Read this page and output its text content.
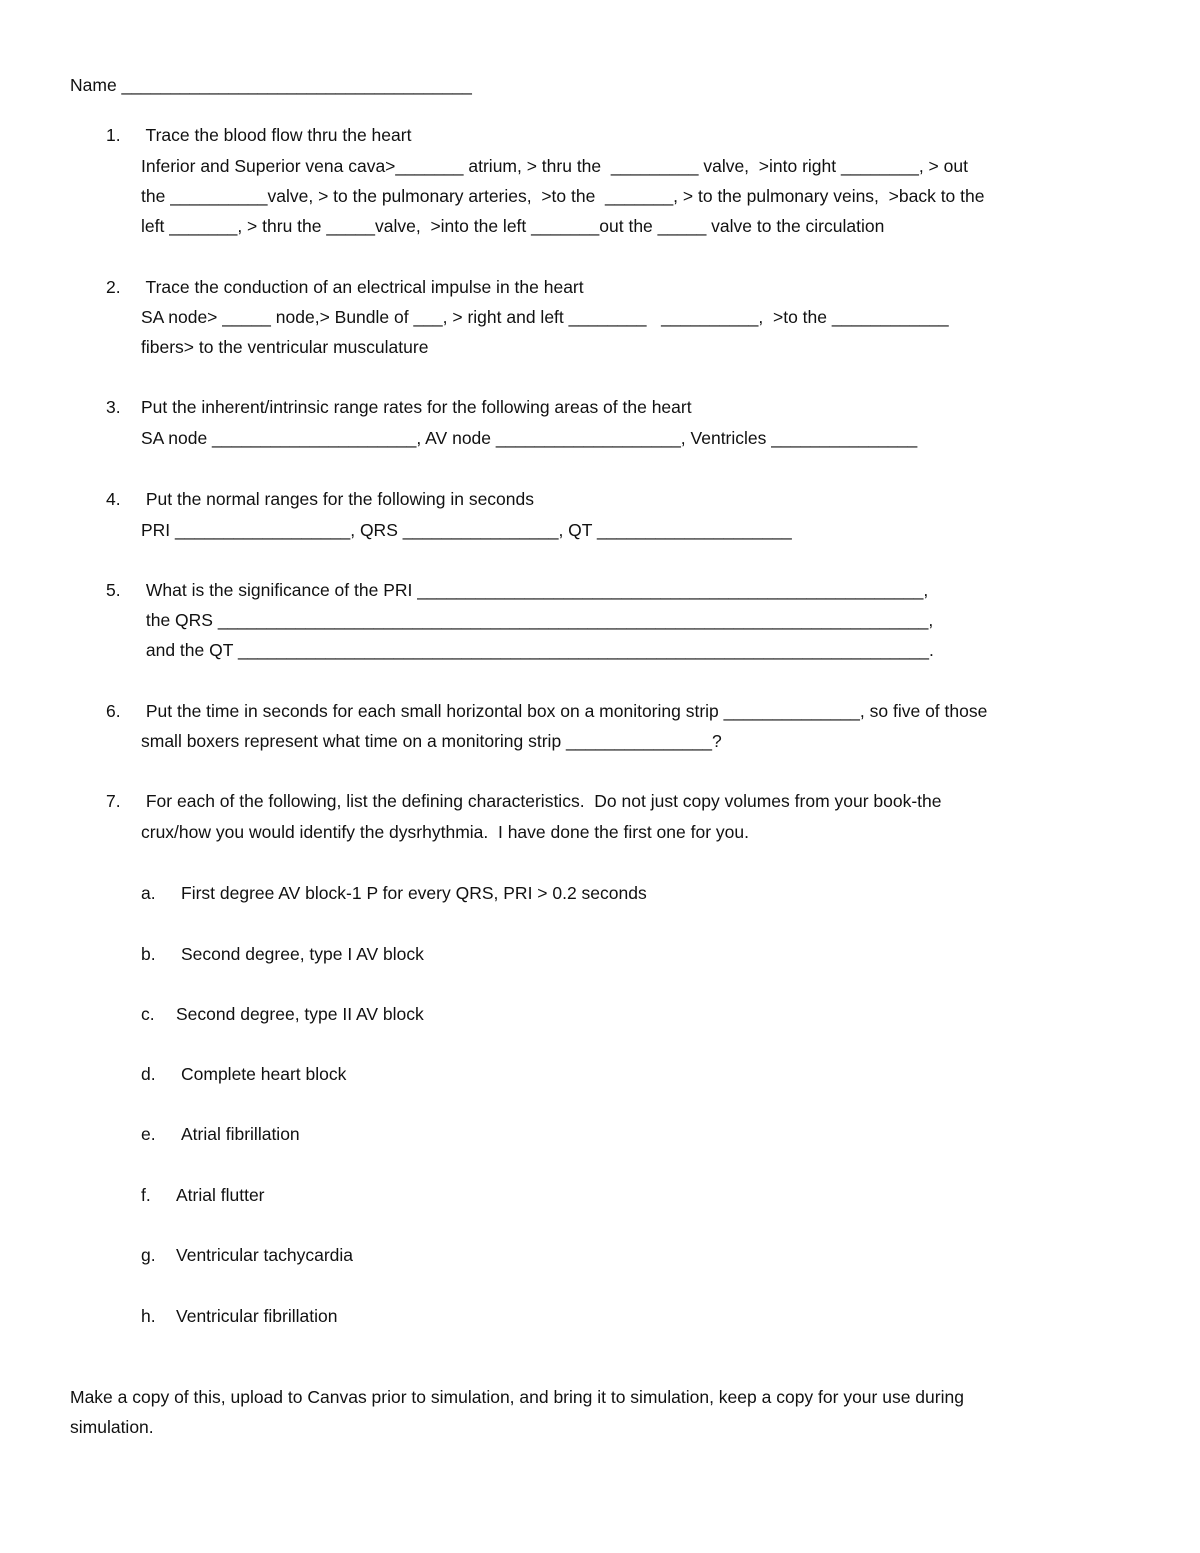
Name ____________________________________
1. Trace the blood flow thru the heart
Inferior and Superior vena cava>_______ atrium, > thru the  _________ valve,  >into right ________, > out
the __________valve, > to the pulmonary arteries,  >to the  _______, > to the pulmonary veins,  >back to the
left _______, > thru the _____valve,  >into the left _______out the _____ valve to the circulation
2. Trace the conduction of an electrical impulse in the heart
SA node> _____ node,> Bundle of ___, > right and left ________   __________,  >to the ____________
fibers> to the ventricular musculature
3. Put the inherent/intrinsic range rates for the following areas of the heart
SA node _____________________, AV node ___________________, Ventricles _______________
4. Put the normal ranges for the following in seconds
PRI __________________, QRS ________________, QT ____________________
5. What is the significance of the PRI ____________________________________________________,
the QRS _________________________________________________________________________,
and the QT _______________________________________________________________________.
6. Put the time in seconds for each small horizontal box on a monitoring strip ______________, so five of those
small boxers represent what time on a monitoring strip _______________?
7. For each of the following, list the defining characteristics.  Do not just copy volumes from your book-the
crux/how you would identify the dysrhythmia.  I have done the first one for you.
a. First degree AV block-1 P for every QRS, PRI > 0.2 seconds
b. Second degree, type I AV block
c. Second degree, type II AV block
d. Complete heart block
e. Atrial fibrillation
f. Atrial flutter
g. Ventricular tachycardia
h. Ventricular fibrillation
Make a copy of this, upload to Canvas prior to simulation, and bring it to simulation, keep a copy for your use during
simulation.
